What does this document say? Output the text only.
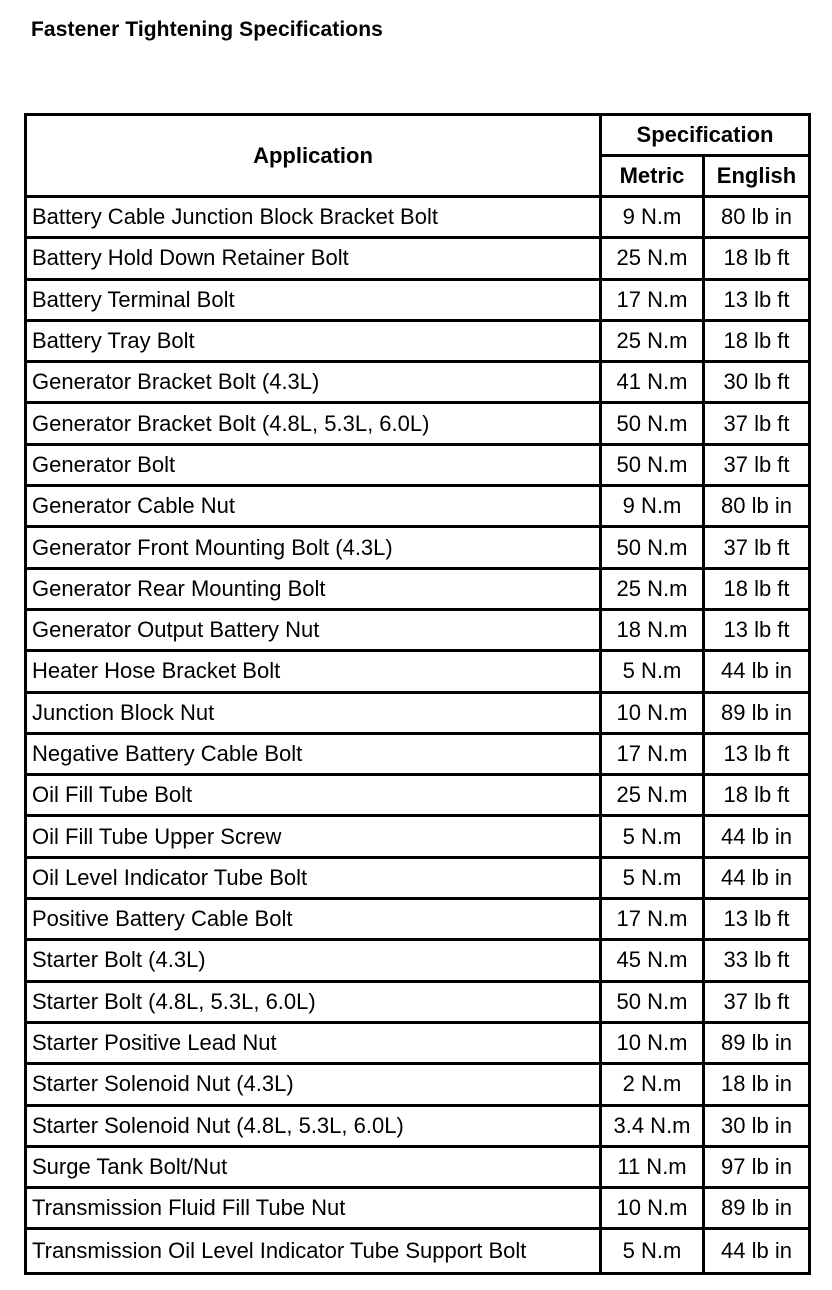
Fastener Tightening Specifications
Application	Specification	
	Metric	English
Battery Cable Junction Block Bracket Bolt	9 N.m	80 lb in
Battery Hold Down Retainer Bolt	25 N.m	18 lb ft
Battery Terminal Bolt	17 N.m	13 lb ft
Battery Tray Bolt	25 N.m	18 lb ft
Generator Bracket Bolt (4.3L)	41 N.m	30 lb ft
Generator Bracket Bolt (4.8L, 5.3L, 6.0L)	50 N.m	37 lb ft
Generator Bolt	50 N.m	37 lb ft
Generator Cable Nut	9 N.m	80 lb in
Generator Front Mounting Bolt (4.3L)	50 N.m	37 lb ft
Generator Rear Mounting Bolt	25 N.m	18 lb ft
Generator Output Battery Nut	18 N.m	13 lb ft
Heater Hose Bracket Bolt	5 N.m	44 lb in
Junction Block Nut	10 N.m	89 lb in
Negative Battery Cable Bolt	17 N.m	13 lb ft
Oil Fill Tube Bolt	25 N.m	18 lb ft
Oil Fill Tube Upper Screw	5 N.m	44 lb in
Oil Level Indicator Tube Bolt	5 N.m	44 lb in
Positive Battery Cable Bolt	17 N.m	13 lb ft
Starter Bolt (4.3L)	45 N.m	33 lb ft
Starter Bolt (4.8L, 5.3L, 6.0L)	50 N.m	37 lb ft
Starter Positive Lead Nut	10 N.m	89 lb in
Starter Solenoid Nut (4.3L)	2 N.m	18 lb in
Starter Solenoid Nut (4.8L, 5.3L, 6.0L)	3.4 N.m	30 lb in
Surge Tank Bolt/Nut	11 N.m	97 lb in
Transmission Fluid Fill Tube Nut	10 N.m	89 lb in
Transmission Oil Level Indicator Tube Support Bolt	5 N.m	44 lb in
